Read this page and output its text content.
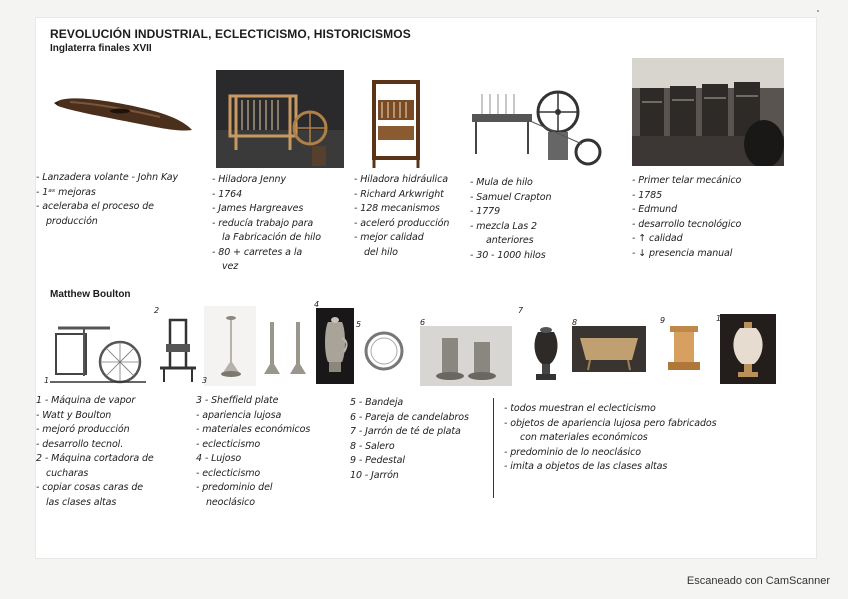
REVOLUCIÓN INDUSTRIAL, ECLECTICISMO, HISTORICISMOS
Inglaterra finales XVII
- Lanzadera volante - John Kay
- 1ᵃˢ mejoras
- aceleraba el proceso de
producción
- Hiladora Jenny
- 1764
- James Hargreaves
- reducía trabajo para
la Fabricación de hilo
- 80 + carretes a la
vez
- Hiladora hidráulica
- Richard Arkwright
- 128 mecanismos
- aceleró producción
- mejor calidad
del hilo
- Mula de hilo
- Samuel Crapton
- 1779
- mezcla Las 2
anteriores
- 30 - 1000 hilos
- Primer telar mecánico
- 1785
- Edmund
- desarrollo tecnológico
- ↑ calidad
- ↓ presencia manual
Matthew Boulton
1
2
3
4
5	6
7
8	9	10
1 - Máquina de vapor
- Watt y Boulton
- mejoró producción
- desarrollo tecnol.
2 - Máquina cortadora de
cucharas
- copiar cosas caras de
las clases altas
3 - Sheffield plate
- apariencia lujosa
- materiales económicos
- eclecticismo
4 - Lujoso
- eclecticismo
- predominio del
neoclásico
5 - Bandeja
6 - Pareja de candelabros
7 - Jarrón de té de plata
8 - Salero
9 - Pedestal
10 - Jarrón
- todos muestran el eclecticismo
- objetos de apariencia lujosa pero fabricados
con materiales económicos
- predominio de lo neoclásico
- imita a objetos de las clases altas
Escaneado con CamScanner
